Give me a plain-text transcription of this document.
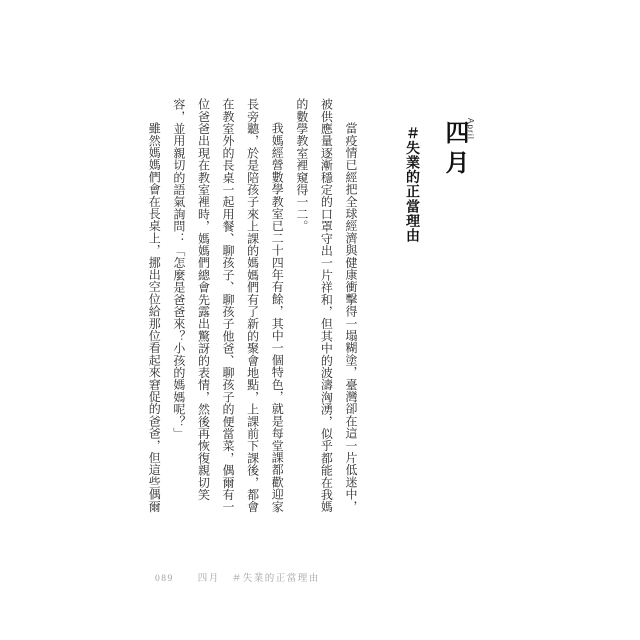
April
四月
＃失業的正當理由

當疫情已經把全球經濟與健康衝擊得一塌糊塗，臺灣卻在這一片低迷中，被供應量逐漸穩定的口罩守出一片祥和，但其中的波濤洶湧，似乎都能在我媽的數學教室裡窺得一二。

我媽經營數學教室已二十四年有餘，其中一個特色，就是每堂課都歡迎家長旁聽，於是陪孩子來上課的媽媽們有了新的聚會地點，上課前下課後，都會在教室外的長桌一起用餐、聊孩子、聊孩子他爸、聊孩子的便當菜，偶爾有一位爸爸出現在教室裡時，媽媽們總會先露出驚訝的表情，然後再恢復親切笑容，並用親切的語氣詢問：「怎麼是爸爸來？小孩的媽媽呢？」

雖然媽媽們會在長桌上，挪出空位給那位看起來窘促的爸爸，但這些偶爾

089	四月 ＃失業的正當理由
